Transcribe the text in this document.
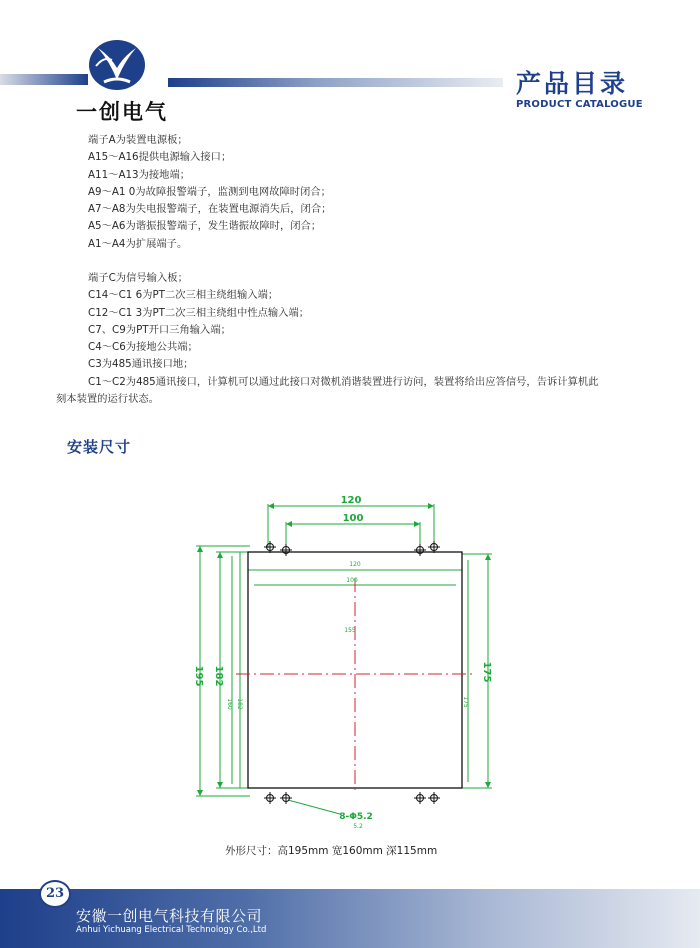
一创电气
产品目录
PRODUCT CATALOGUE

端子A为装置电源板；

A15～A16提供电源输入接口；

A11～A13为接地端；

A9～A1 0为故障报警端子，监测到电网故障时闭合；

A7～A8为失电报警端子，在装置电源消失后，闭合；

A5～A6为谐振报警端子，发生谐振故障时，闭合；

A1～A4为扩展端子。

端子C为信号输入板；

C14～C1 6为PT二次三相主绕组输入端；

C12～C1 3为PT二次三相主绕组中性点输入端；

C7、C9为PT开口三角输入端；

C4～C6为接地公共端；

C3为485通讯接口地；

C1～C2为485通讯接口，计算机可以通过此接口对微机消谐装置进行访问，装置将给出应答信号，告诉计算机此

刻本装置的运行状态。

安装尺寸
120
100
120
100
155
195 182
160 182
175
175
8-Φ5.2
5.2
外形尺寸：高195mm 宽160mm 深115mm
23
安徽一创电气科技有限公司
Anhui Yichuang Electrical Technology Co.,Ltd
